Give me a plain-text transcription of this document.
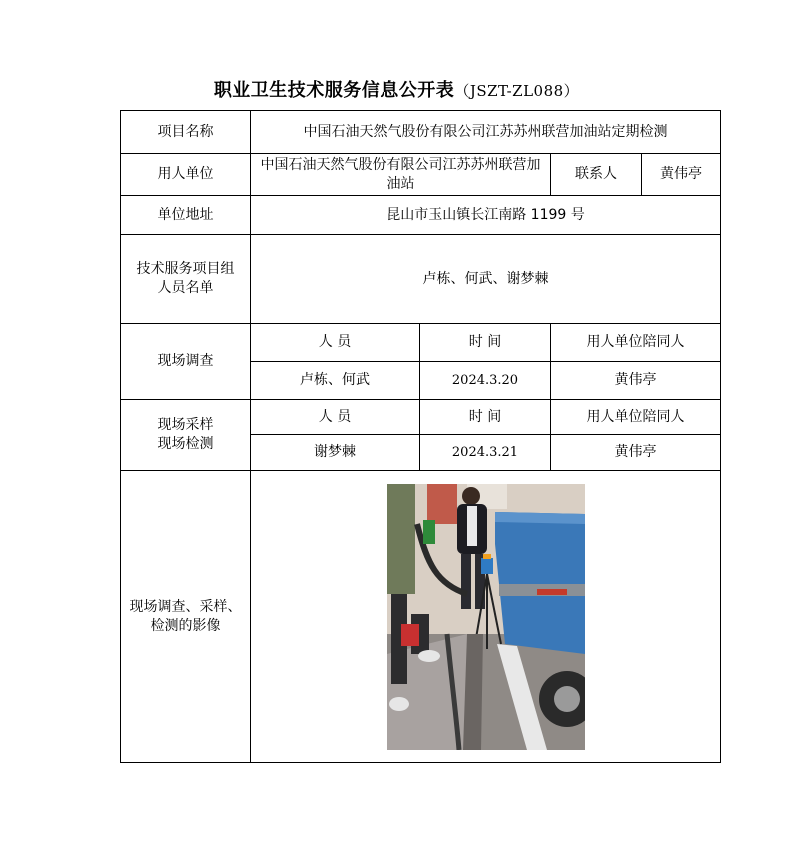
职业卫生技术服务信息公开表（JSZT-ZL088）
项目名称	中国石油天然气股份有限公司江苏苏州联营加油站定期检测			
用人单位	中国石油天然气股份有限公司江苏苏州联营加油站		联系人	黄伟亭
单位地址	昆山市玉山镇长江南路 1199 号			
技术服务项目组人员名单	卢栋、何武、谢梦棘			
现场调查	人 员	时 间	用人单位陪同人	
	卢栋、何武	2024.3.20	黄伟亭	
现场采样现场检测	人 员	时 间	用人单位陪同人	
	谢梦棘	2024.3.21	黄伟亭	
现场调查、采样、检测的影像	
